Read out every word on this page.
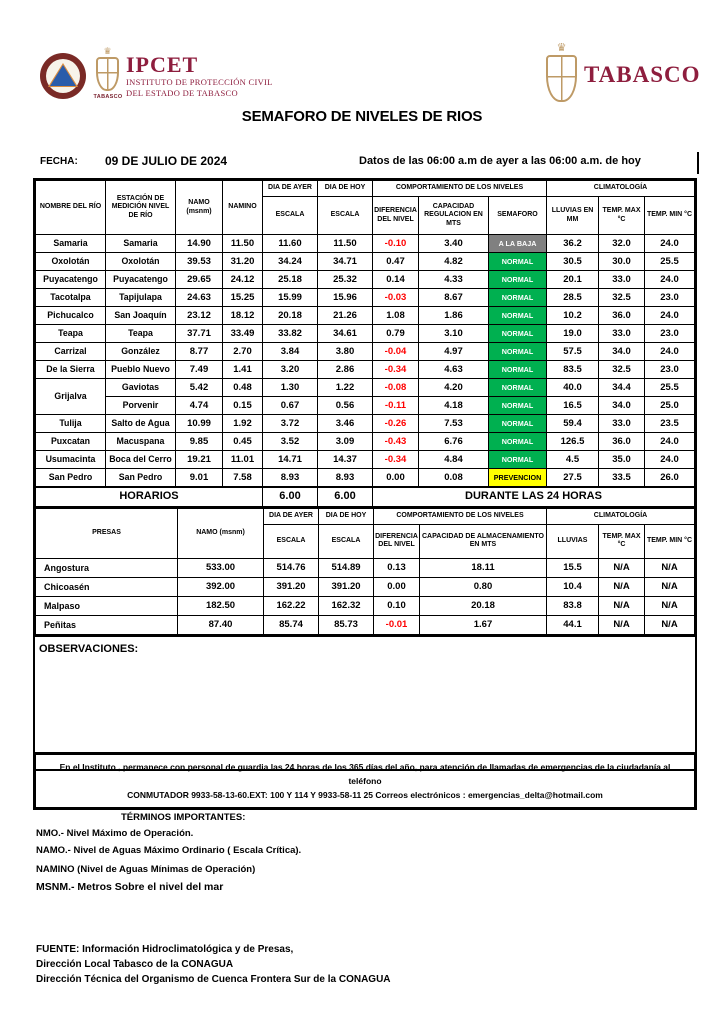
♛
TABASCO
IPCET
INSTITUTO DE PROTECCIÓN CIVIL
DEL ESTADO DE TABASCO
♛
TABASCO
SEMAFORO DE NIVELES DE RIOS
FECHA: 09 DE JULIO DE 2024	Datos de las 06:00 a.m de ayer a las 06:00 a.m. de hoy
NOMBRE DEL RÍO	ESTACIÓN DE MEDICIÓN NIVEL DE RÍO	NAMO (msnm)	NAMINO	DIA DE AYER	DIA DE HOY	COMPORTAMIENTO DE LOS NIVELES			CLIMATOLOGÍA		
				ESCALA	ESCALA	DIFERENCIA DEL NIVEL	CAPACIDAD REGULACION EN MTS	SEMAFORO	LLUVIAS EN MM	TEMP. MAX °C	TEMP. MIN °C
Samaria	Samaria	14.90	11.50	11.60	11.50	-0.10	3.40	A LA BAJA	36.2	32.0	24.0
Oxolotán	Oxolotán	39.53	31.20	34.24	34.71	0.47	4.82	NORMAL	30.5	30.0	25.5
Puyacatengo	Puyacatengo	29.65	24.12	25.18	25.32	0.14	4.33	NORMAL	20.1	33.0	24.0
Tacotalpa	Tapijulapa	24.63	15.25	15.99	15.96	-0.03	8.67	NORMAL	28.5	32.5	23.0
Pichucalco	San Joaquín	23.12	18.12	20.18	21.26	1.08	1.86	NORMAL	10.2	36.0	24.0
Teapa	Teapa	37.71	33.49	33.82	34.61	0.79	3.10	NORMAL	19.0	33.0	23.0
Carrizal	González	8.77	2.70	3.84	3.80	-0.04	4.97	NORMAL	57.5	34.0	24.0
De la Sierra	Pueblo Nuevo	7.49	1.41	3.20	2.86	-0.34	4.63	NORMAL	83.5	32.5	23.0
Grijalva	Gaviotas	5.42	0.48	1.30	1.22	-0.08	4.20	NORMAL	40.0	34.4	25.5
	Porvenir	4.74	0.15	0.67	0.56	-0.11	4.18	NORMAL	16.5	34.0	25.0
Tulija	Salto de Agua	10.99	1.92	3.72	3.46	-0.26	7.53	NORMAL	59.4	33.0	23.5
Puxcatan	Macuspana	9.85	0.45	3.52	3.09	-0.43	6.76	NORMAL	126.5	36.0	24.0
Usumacinta	Boca del Cerro	19.21	11.01	14.71	14.37	-0.34	4.84	NORMAL	4.5	35.0	24.0
San Pedro	San Pedro	9.01	7.58	8.93	8.93	0.00	0.08	PREVENCION	27.5	33.5	26.0
HORARIOS				6.00	6.00	DURANTE LAS 24 HORAS					
PRESAS	NAMO (msnm)	DIA DE AYER	DIA DE HOY	COMPORTAMIENTO DE LOS NIVELES		CLIMATOLOGÍA		
		ESCALA	ESCALA	DIFERENCIA DEL NIVEL	CAPACIDAD DE ALMACENAMIENTO EN MTS	LLUVIAS	TEMP. MAX °C	TEMP. MIN °C
Angostura	533.00	514.76	514.89	0.13	18.11	15.5	N/A	N/A
Chicoasén	392.00	391.20	391.20	0.00	0.80	10.4	N/A	N/A
Malpaso	182.50	162.22	162.32	0.10	20.18	83.8	N/A	N/A
Peñitas	87.40	85.74	85.73	-0.01	1.67	44.1	N/A	N/A
OBSERVACIONES:
En el Instituto , permanece con personal de guardia las 24 horas de los 365 días del año, para atención de llamadas de emergencias de la ciudadanía al teléfono
CONMUTADOR 9933-58-13-60.EXT: 100 Y 114 Y 9933-58-11 25 Correos electrónicos : emergencias_delta@hotmail.com
TÉRMINOS IMPORTANTES:
NMO.- Nivel Máximo de Operación.
NAMO.- Nivel de Aguas Máximo Ordinario ( Escala Crítica).
NAMINO (Nivel de Aguas Mínimas de Operación)
MSNM.- Metros Sobre el nivel del mar
FUENTE: Información Hidroclimatológica y de Presas,
Dirección Local Tabasco de la CONAGUA
Dirección Técnica del Organismo de Cuenca Frontera Sur de la CONAGUA
